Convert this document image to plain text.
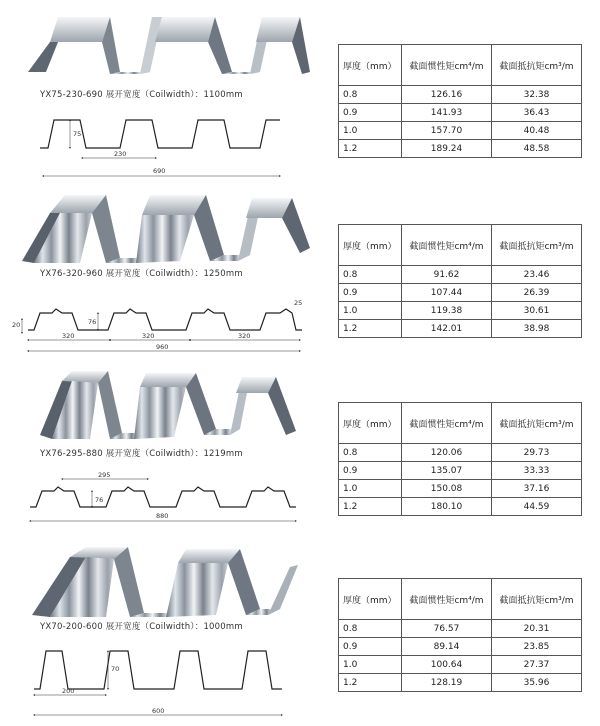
YX75-230-690 展开宽度（Coilwidth）：1100mm
75
230
690
厚度（mm）	截面惯性矩cm⁴/m	截面抵抗矩cm³/m
0.8	126.16	32.38
0.9	141.93	36.43
1.0	157.70	40.48
1.2	189.24	48.58
YX76-320-960 展开宽度（Coilwidth）：1250mm
20	76
25
320	320	320
960
厚度（mm）	截面惯性矩cm⁴/m	截面抵抗矩cm³/m
0.8	91.62	23.46
0.9	107.44	26.39
1.0	119.38	30.61
1.2	142.01	38.98
YX76-295-880 展开宽度（Coilwidth）：1219mm
295
76
880
厚度（mm）	截面惯性矩cm⁴/m	截面抵抗矩cm³/m
0.8	120.06	29.73
0.9	135.07	33.33
1.0	150.08	37.16
1.2	180.10	44.59
YX70-200-600 展开宽度（Coilwidth）：1000mm
70
200
600
厚度（mm）	截面惯性矩cm⁴/m	截面抵抗矩cm³/m
0.8	76.57	20.31
0.9	89.14	23.85
1.0	100.64	27.37
1.2	128.19	35.96
